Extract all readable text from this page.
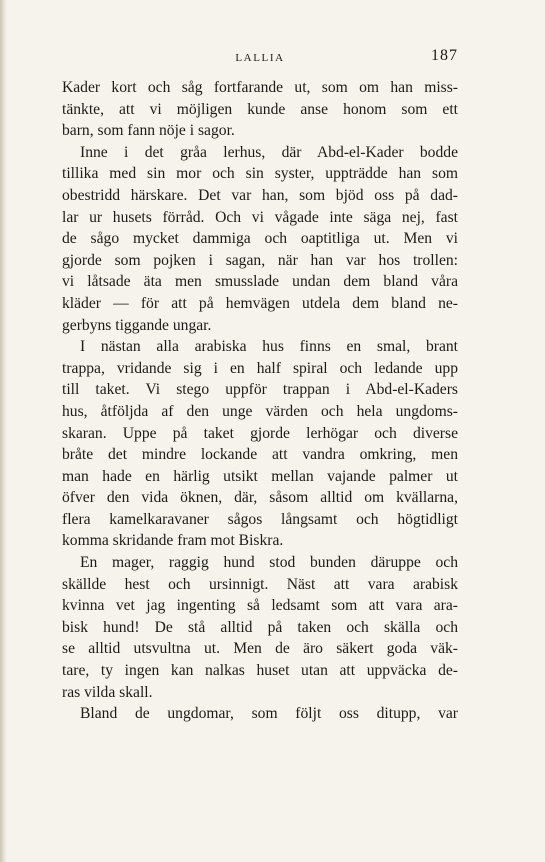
LALLIA	187
Kader kort och såg fortfarande ut, som om han miss-
tänkte, att vi möjligen kunde anse honom som ett
barn, som fann nöje i sagor.
Inne i det gråa lerhus, där Abd-el-Kader bodde
tillika med sin mor och sin syster, uppträdde han som
obestridd härskare. Det var han, som bjöd oss på dad-
lar ur husets förråd. Och vi vågade inte säga nej, fast
de sågo mycket dammiga och oaptitliga ut. Men vi
gjorde som pojken i sagan, när han var hos trollen:
vi låtsade äta men smusslade undan dem bland våra
kläder — för att på hemvägen utdela dem bland ne-
gerbyns tiggande ungar.
I nästan alla arabiska hus finns en smal, brant
trappa, vridande sig i en half spiral och ledande upp
till taket. Vi stego uppför trappan i Abd-el-Kaders
hus, åtföljda af den unge värden och hela ungdoms-
skaran. Uppe på taket gjorde lerhögar och diverse
bråte det mindre lockande att vandra omkring, men
man hade en härlig utsikt mellan vajande palmer ut
öfver den vida öknen, där, såsom alltid om kvällarna,
flera kamelkaravaner sågos långsamt och högtidligt
komma skridande fram mot Biskra.
En mager, raggig hund stod bunden däruppe och
skällde hest och ursinnigt. Näst att vara arabisk
kvinna vet jag ingenting så ledsamt som att vara ara-
bisk hund! De stå alltid på taken och skälla och
se alltid utsvultna ut. Men de äro säkert goda väk-
tare, ty ingen kan nalkas huset utan att uppväcka de-
ras vilda skall.
Bland de ungdomar, som följt oss ditupp, var
